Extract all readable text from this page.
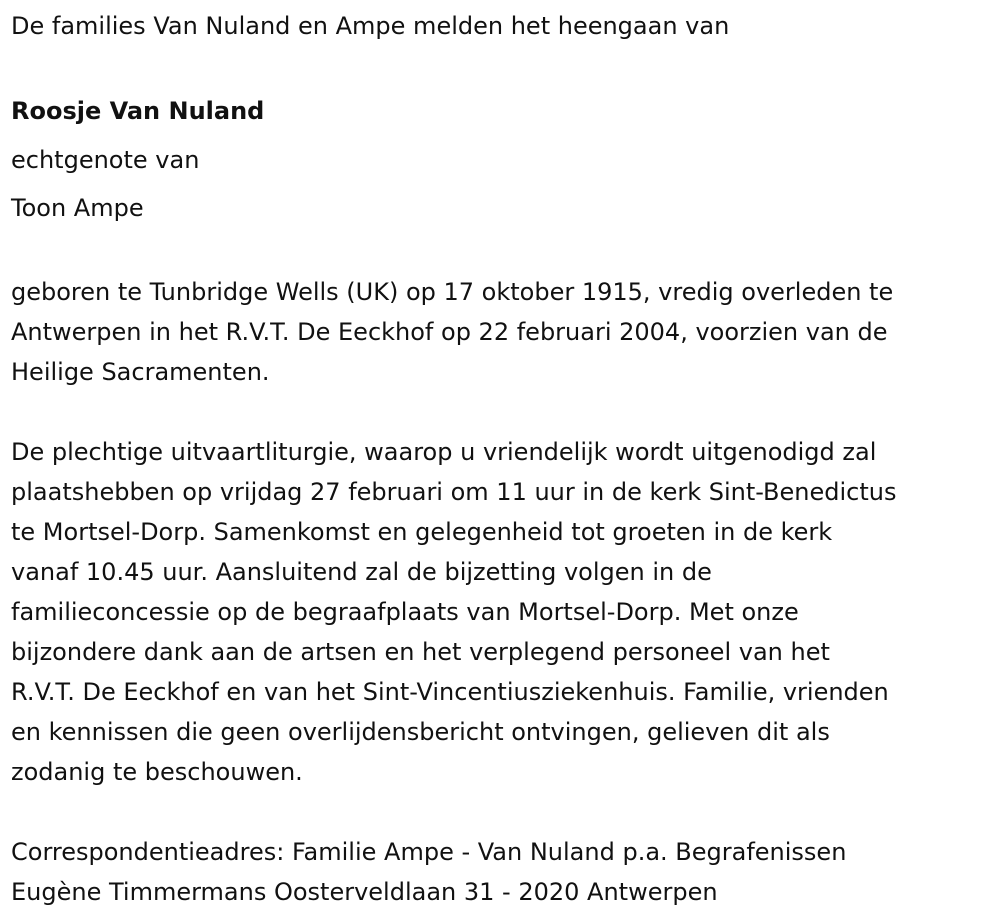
De families Van Nuland en Ampe melden het heengaan van
Roosje Van Nuland
echtgenote van
Toon Ampe
geboren te Tunbridge Wells (UK) op 17 oktober 1915, vredig overleden te
Antwerpen in het R.V.T. De Eeckhof op 22 februari 2004, voorzien van de
Heilige Sacramenten.
De plechtige uitvaartliturgie, waarop u vriendelijk wordt uitgenodigd zal
plaatshebben op vrijdag 27 februari om 11 uur in de kerk Sint-Benedictus
te Mortsel-Dorp. Samenkomst en gelegenheid tot groeten in de kerk
vanaf 10.45 uur. Aansluitend zal de bijzetting volgen in de
familieconcessie op de begraafplaats van Mortsel-Dorp. Met onze
bijzondere dank aan de artsen en het verplegend personeel van het
R.V.T. De Eeckhof en van het Sint-Vincentiusziekenhuis. Familie, vrienden
en kennissen die geen overlijdensbericht ontvingen, gelieven dit als
zodanig te beschouwen.
Correspondentieadres: Familie Ampe - Van Nuland p.a. Begrafenissen
Eugène Timmermans Oosterveldlaan 31 - 2020 Antwerpen
